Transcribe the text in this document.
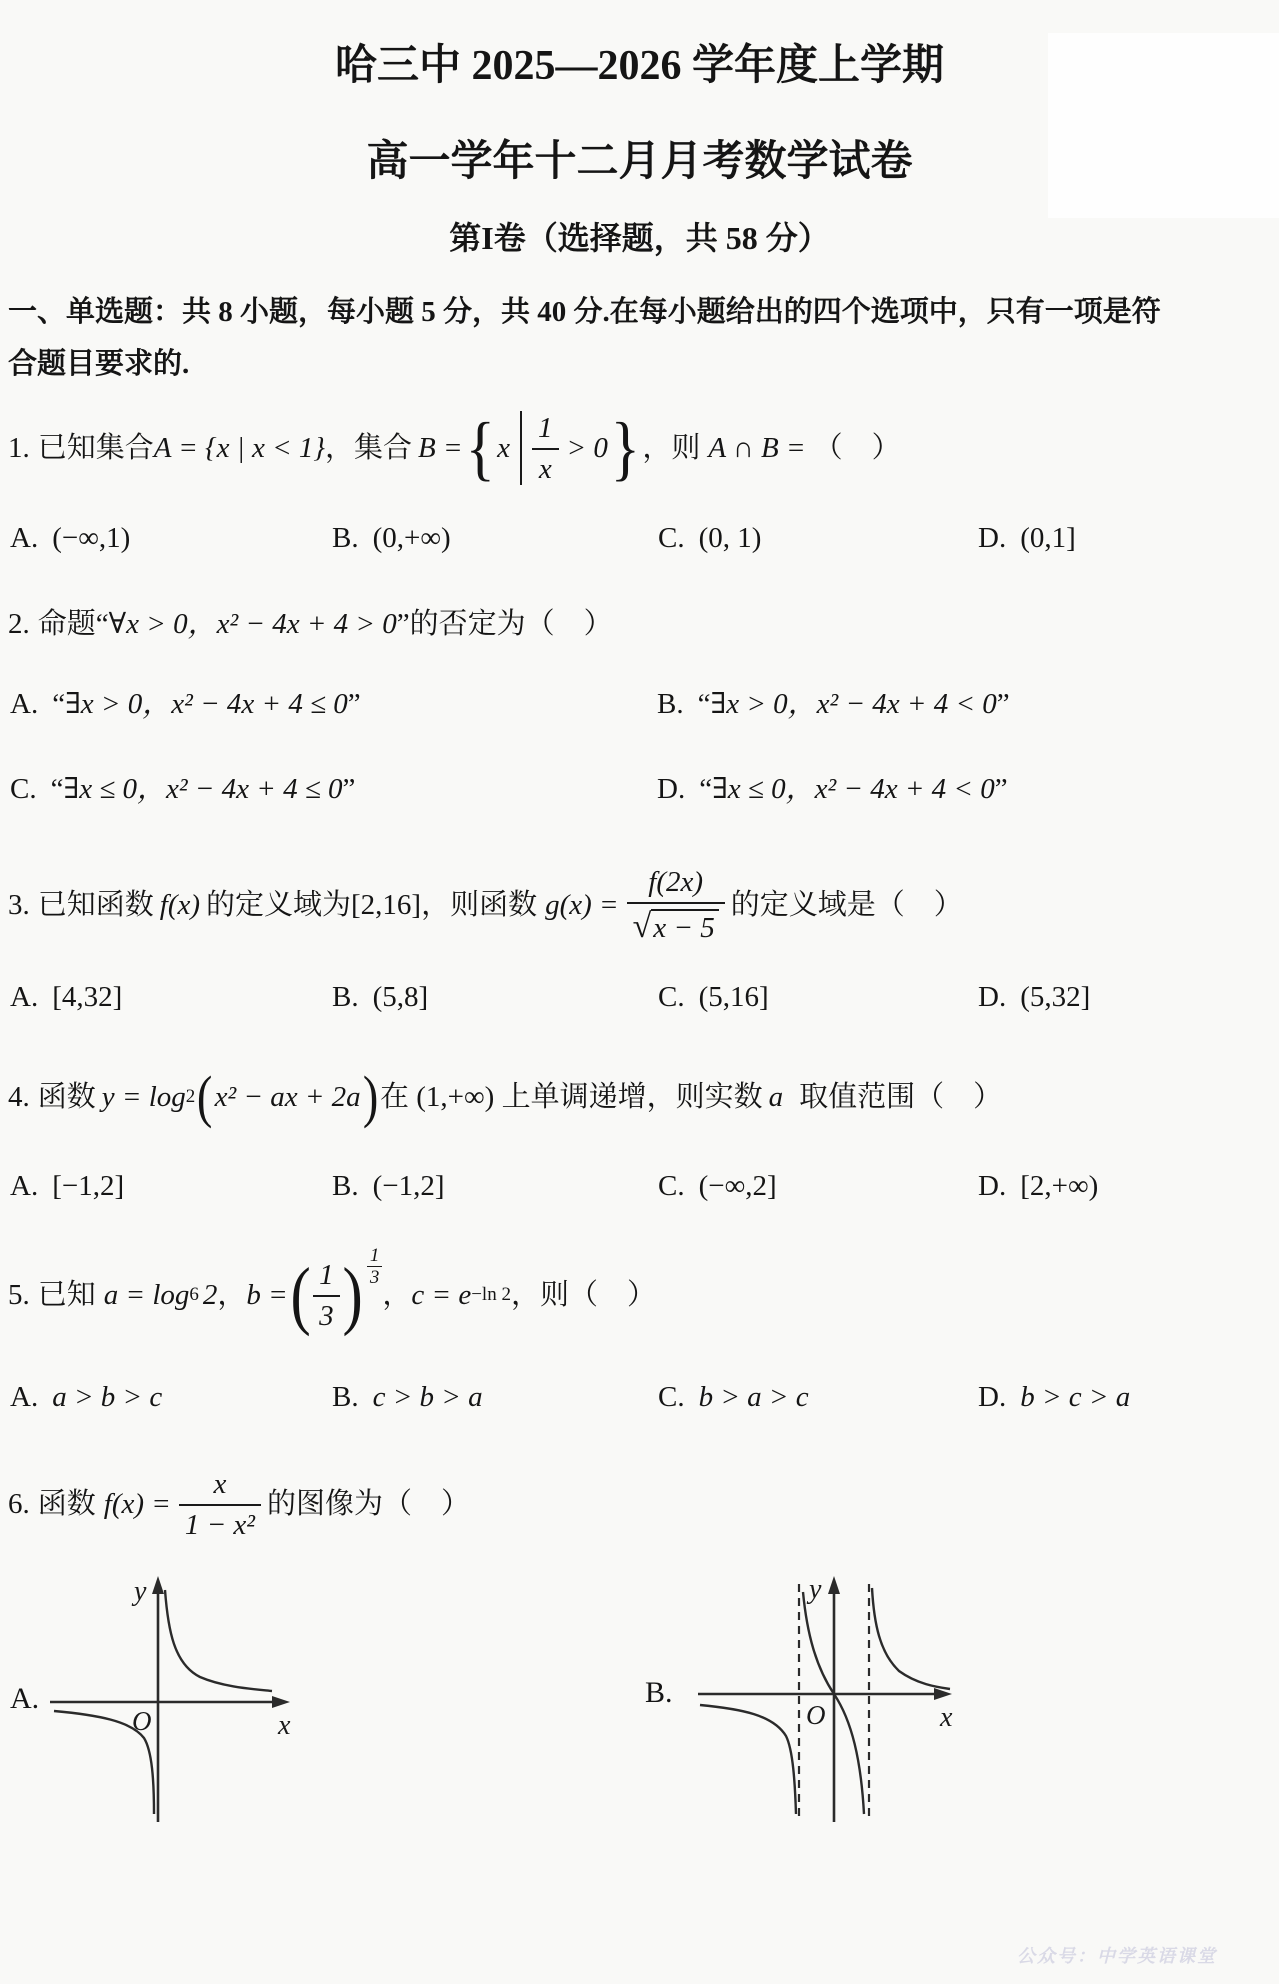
哈三中 2025—2026 学年度上学期
高一学年十二月月考数学试卷
第I卷（选择题，共 58 分）

一、单选题：共 8 小题，每小题 5 分，共 40 分.在每小题给出的四个选项中，只有一项是符
合题目要求的.

1. 已知集合 A = {x | x < 1} ，集合 B = { x $\frac{1}{x} > 0$ } ，则 A ∩ B = （　）
A. (−∞,1)	B. (0,+∞)	C. (0, 1)	D. (0,1]
2. 命题“ ∀x > 0，x² − 4x + 4 > 0 ”的否定为（　）
A. “∃x > 0，x² − 4x + 4 ≤ 0”	B. “∃x > 0，x² − 4x + 4 < 0”
C. “∃x ≤ 0，x² − 4x + 4 ≤ 0”	D. “∃x ≤ 0，x² − 4x + 4 < 0”
3. 已知函数 f(x) 的定义域为[2,16]，则函数 $g(x) = \frac{f(2x)}{√x - 5}$ 的定义域是（　）
A. [4,32]	B. (5,8]	C. (5,16]	D. (5,32]
4. 函数 y = log 2 ( x² − ax + 2a ) 在 (1,+∞) 上单调递增，则实数 a 取值范围（　）
A. [−1,2]	B. (−1,2]	C. (−∞,2]	D. [2,+∞)
5. 已知 a = log 6 2 ， b = ( $\frac{1}{3}$ ) $\frac{1}{3}$
， c = e −ln 2 ，则（　）
A. a > b > c	B. c > b > a	C. b > a > c	D. b > c > a
6. 函数 $f(x) = \frac{x}{\text{1 − x²}}$ 的图像为（　）
A.
y
x
O
B.
y
x
O
公众号：中学英语课堂
